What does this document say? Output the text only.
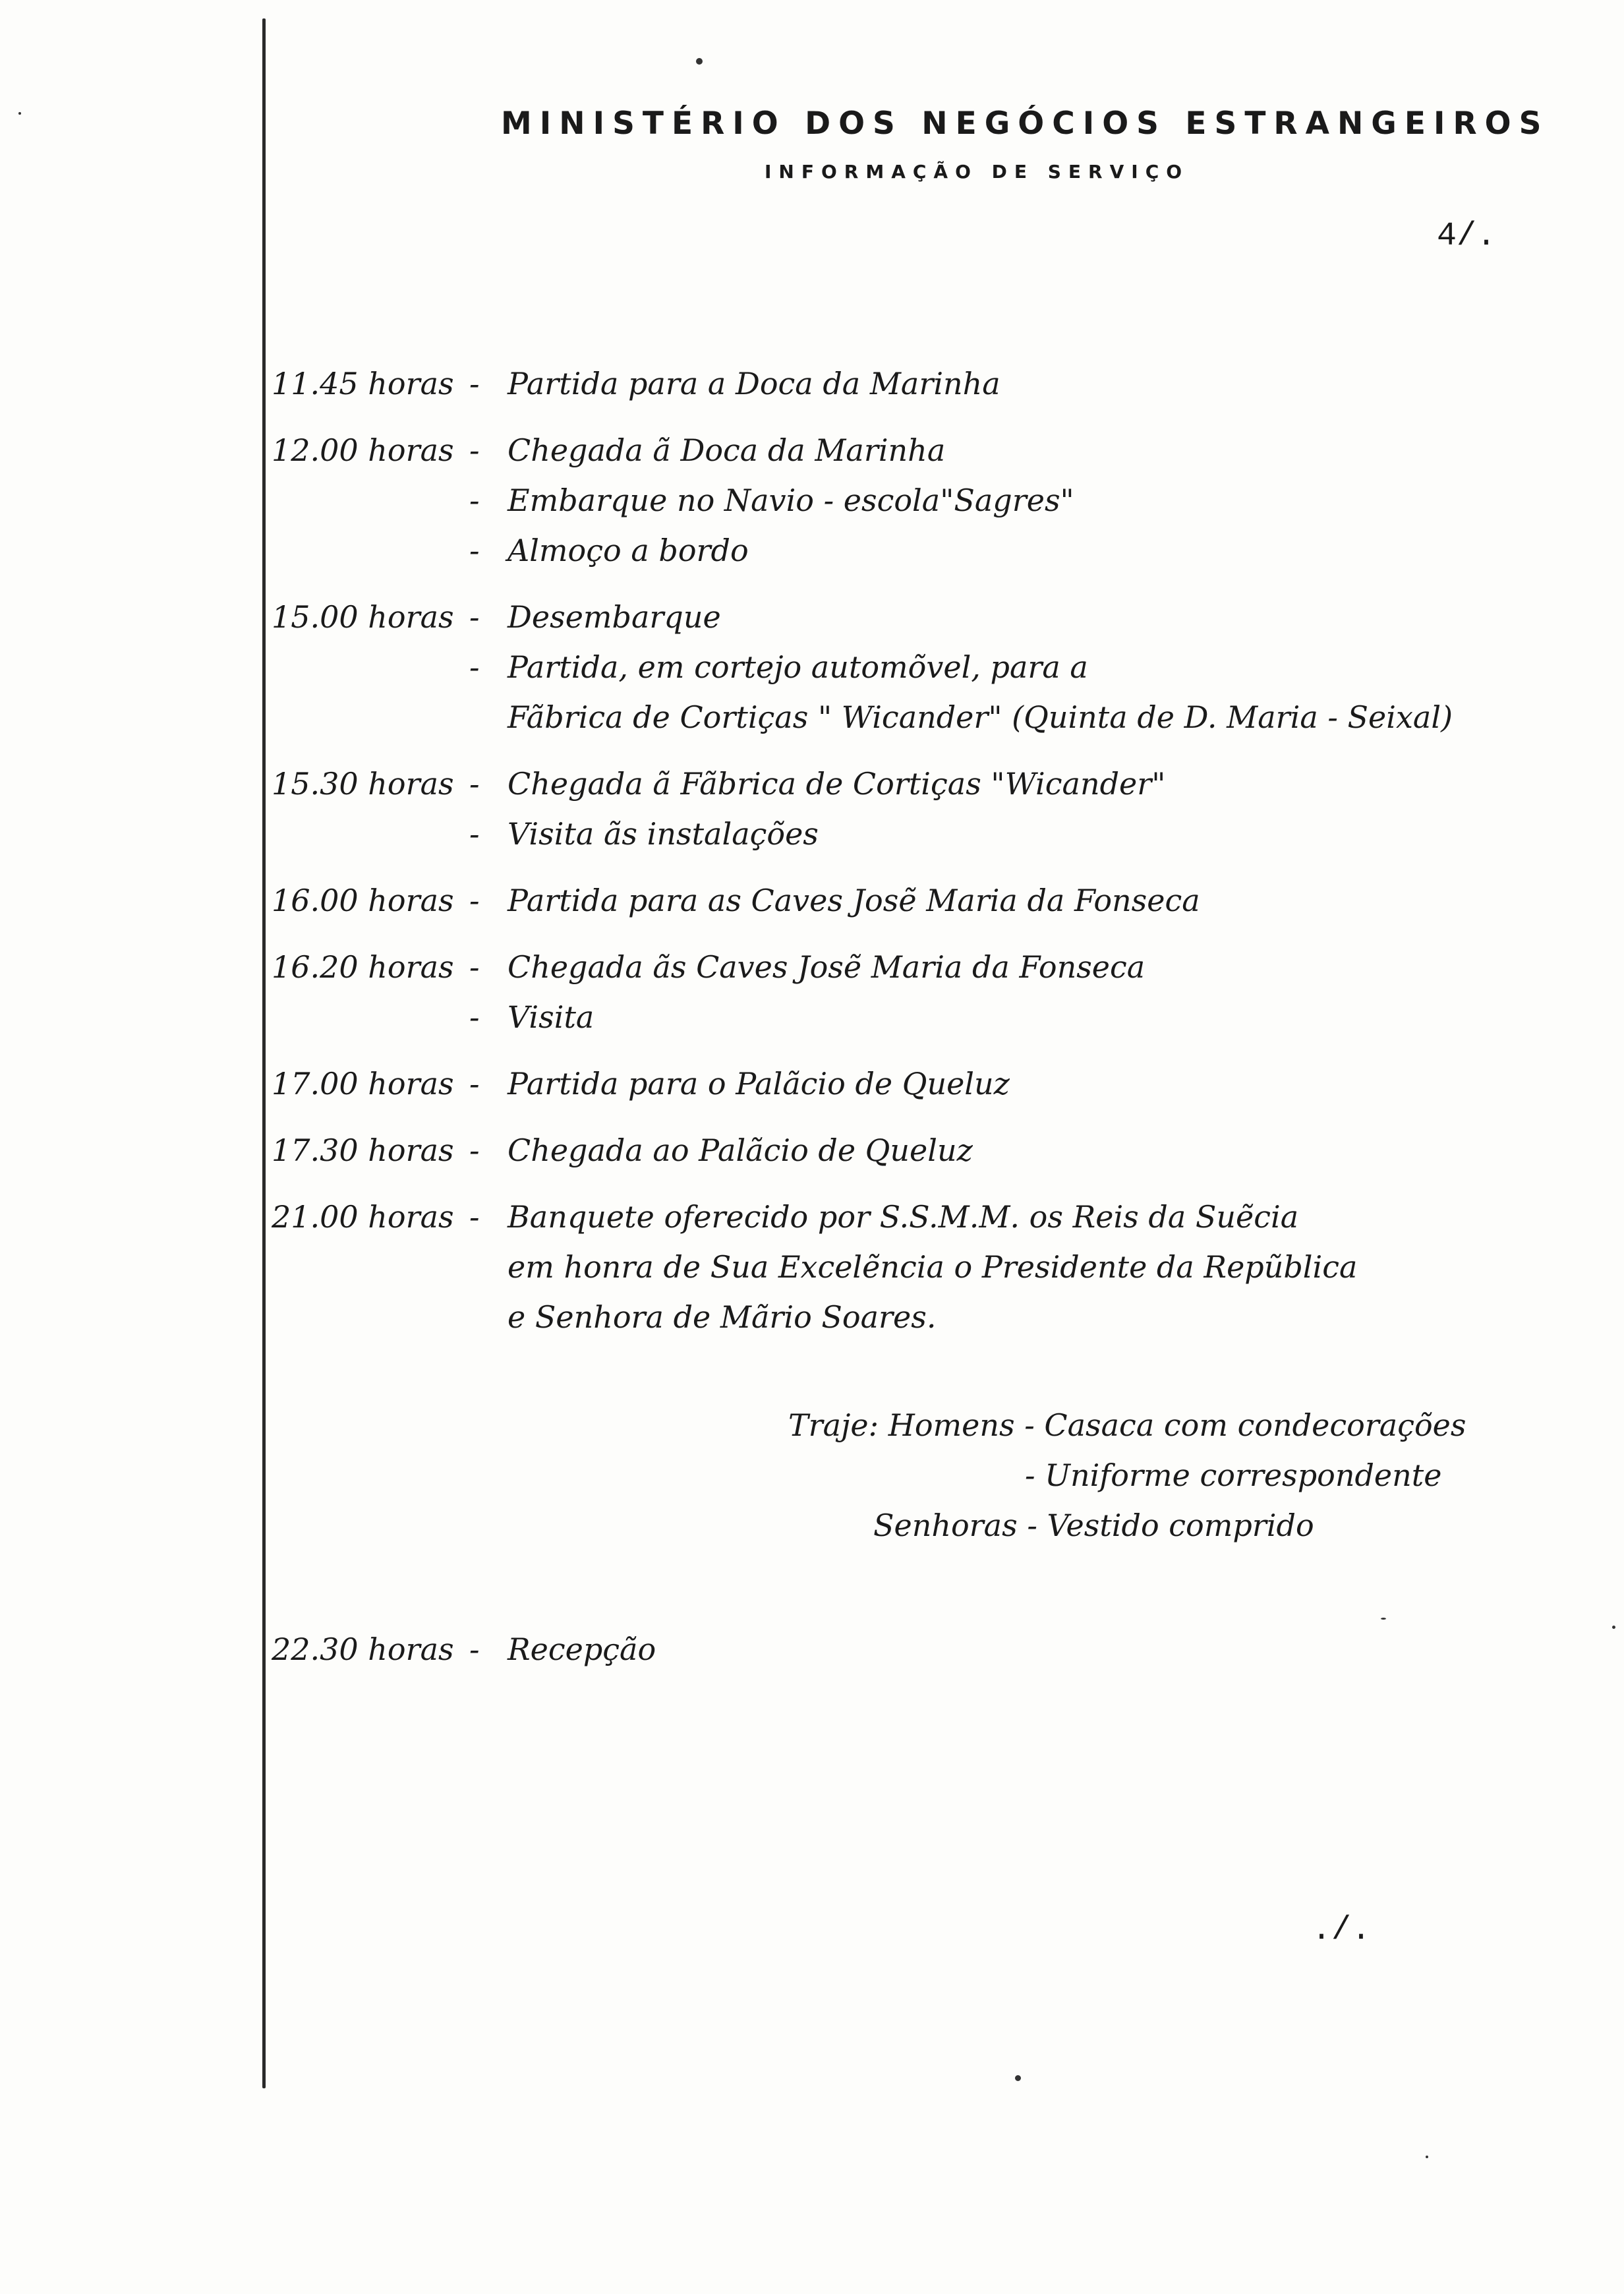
MINISTÉRIO DOS NEGÓCIOS ESTRANGEIROS
INFORMAÇÃO DE SERVIÇO
4/.
11.45 horas - Partida para a Doca da Marinha
12.00 horas - Chegada ã Doca da Marinha
- Embarque no Navio - escola"Sagres"
- Almoço a bordo
15.00 horas - Desembarque
- Partida, em cortejo automõvel, para a
Fãbrica de Cortiças " Wicander" (Quinta de D. Maria - Seixal)
15.30 horas - Chegada ã Fãbrica de Cortiças "Wicander"
- Visita ãs instalações
16.00 horas - Partida para as Caves Josẽ Maria da Fonseca
16.20 horas - Chegada ãs Caves Josẽ Maria da Fonseca
- Visita
17.00 horas - Partida para o Palãcio de Queluz
17.30 horas - Chegada ao Palãcio de Queluz
21.00 horas - Banquete oferecido por S.S.M.M. os Reis da Suẽcia
em honra de Sua Excelẽncia o Presidente da Repũblica
e Senhora de Mãrio Soares.
Traje: Homens - Casaca com condecorações
- Uniforme correspondente
Senhoras - Vestido comprido
22.30 horas - Recepção
./.
